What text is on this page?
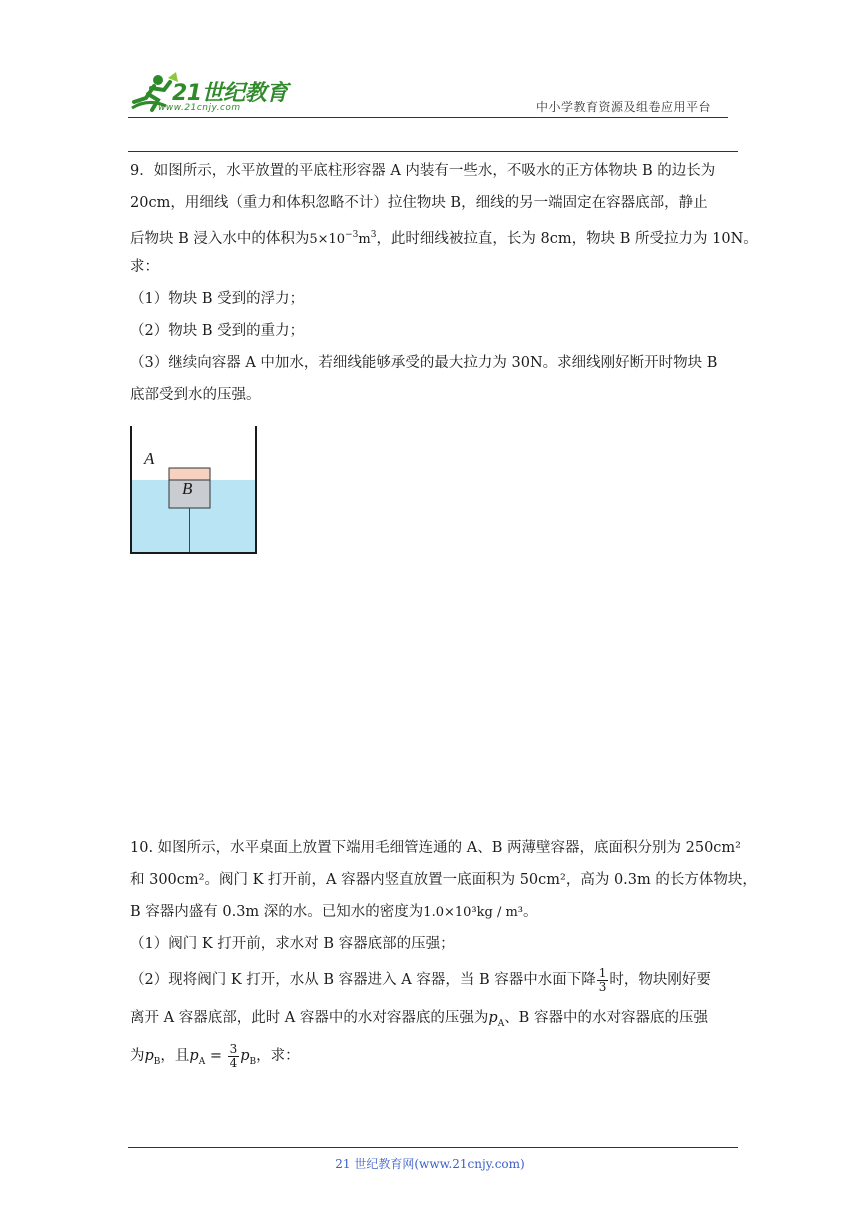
21世纪教育
www.21cnjy.com	中小学教育资源及组卷应用平台
9．如图所示，水平放置的平底柱形容器 A 内装有一些水，不吸水的正方体物块 B 的边长为
20cm，用细线（重力和体积忽略不计）拉住物块 B，细线的另一端固定在容器底部，静止
后物块 B 浸入水中的体积为$5\times 10^{-3}m^3$，此时细线被拉直，长为 8cm，物块 B 所受拉力为 10N。
求：
（1）物块 B 受到的浮力；
（2）物块 B 受到的重力；
（3）继续向容器 A 中加水，若细线能够承受的最大拉力为 30N。求细线刚好断开时物块 B
底部受到水的压强。
A
B
10. 如图所示，水平桌面上放置下端用毛细管连通的 A、B 两薄壁容器，底面积分别为 250cm²
和 300cm²。阀门 K 打开前，A 容器内竖直放置一底面积为 50cm²，高为 0.3m 的长方体物块，
B 容器内盛有 0.3m 深的水。已知水的密度为1.0×10³kg / m³。
（1）阀门 K 打开前，求水对 B 容器底部的压强；
（2）现将阀门 K 打开，水从 B 容器进入 A 容器，当 B 容器中水面下降 $\frac{1}{3}$ 时，物块刚好要
离开 A 容器底部，此时 A 容器中的水对容器底的压强为$p_A$、B 容器中的水对容器底的压强
为$p_B$，且$p_A = \frac{3}{4} p_B$，求：
21 世纪教育网(www.21cnjy.com)
